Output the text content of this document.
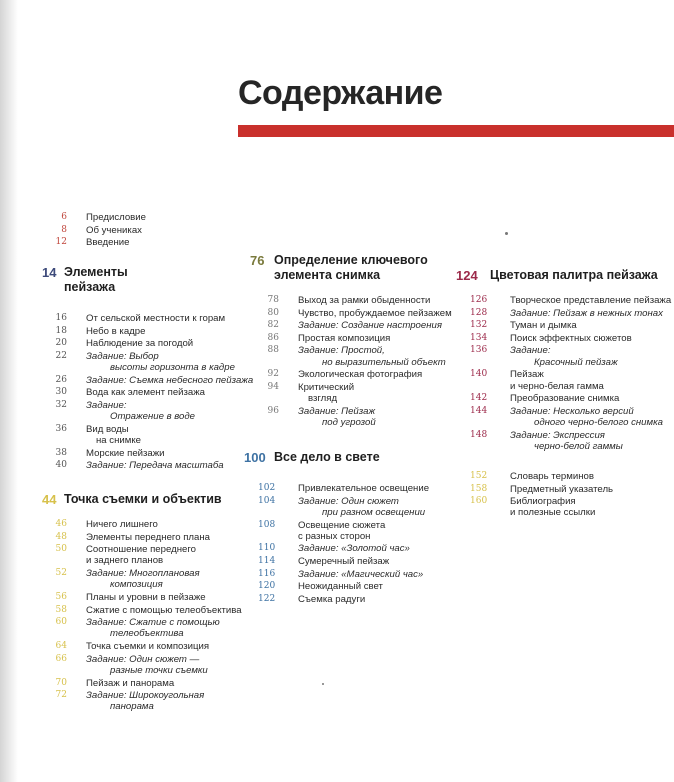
Содержание
6 Предисловие
8 Об учениках
12 Введение
14 Элементы
пейзажа
16 От сельской местности к горам
18 Небо в кадре
20 Наблюдение за погодой
22 Задание: Выбор
высоты горизонта в кадре
26 Задание: Съемка небесного пейзажа
30 Вода как элемент пейзажа
32 Задание:
Отражение в воде
36 Вид воды
на снимке
38 Морские пейзажи
40 Задание: Передача масштаба
44 Точка съемки и объектив
46 Ничего лишнего
48 Элементы переднего плана
50 Соотношение переднего
и заднего планов
52 Задание: Многоплановая
композиция
56 Планы и уровни в пейзаже
58 Сжатие с помощью телеобъектива
60 Задание: Сжатие с помощью
телеобъектива
64 Точка съемки и композиция
66 Задание: Один сюжет —
разные точки съемки
70 Пейзаж и панорама
72 Задание: Широкоугольная
панорама
76 Определение ключевого
элемента снимка
78 Выход за рамки обыденности
80 Чувство, пробуждаемое пейзажем
82 Задание: Создание настроения
86 Простая композиция
88 Задание: Простой,
но выразительный объект
92 Экологическая фотография
94 Критический
взгляд
96 Задание: Пейзаж
под угрозой
100 Все дело в свете
102 Привлекательное освещение
104 Задание: Один сюжет
при разном освещении
108 Освещение сюжета
с разных сторон
110 Задание: «Золотой час»
114 Сумеречный пейзаж
116 Задание: «Магический час»
120 Неожиданный свет
122 Съемка радуги
124 Цветовая палитра пейзажа
126 Творческое представление пейзажа
128 Задание: Пейзаж в нежных тонах
132 Туман и дымка
134 Поиск эффектных сюжетов
136 Задание:
Красочный пейзаж
140 Пейзаж
и черно-белая гамма
142 Преобразование снимка
144 Задание: Несколько версий
одного черно-белого снимка
148 Задание: Экспрессия
черно-белой гаммы
152 Словарь терминов
158 Предметный указатель
160 Библиография
и полезные ссылки
